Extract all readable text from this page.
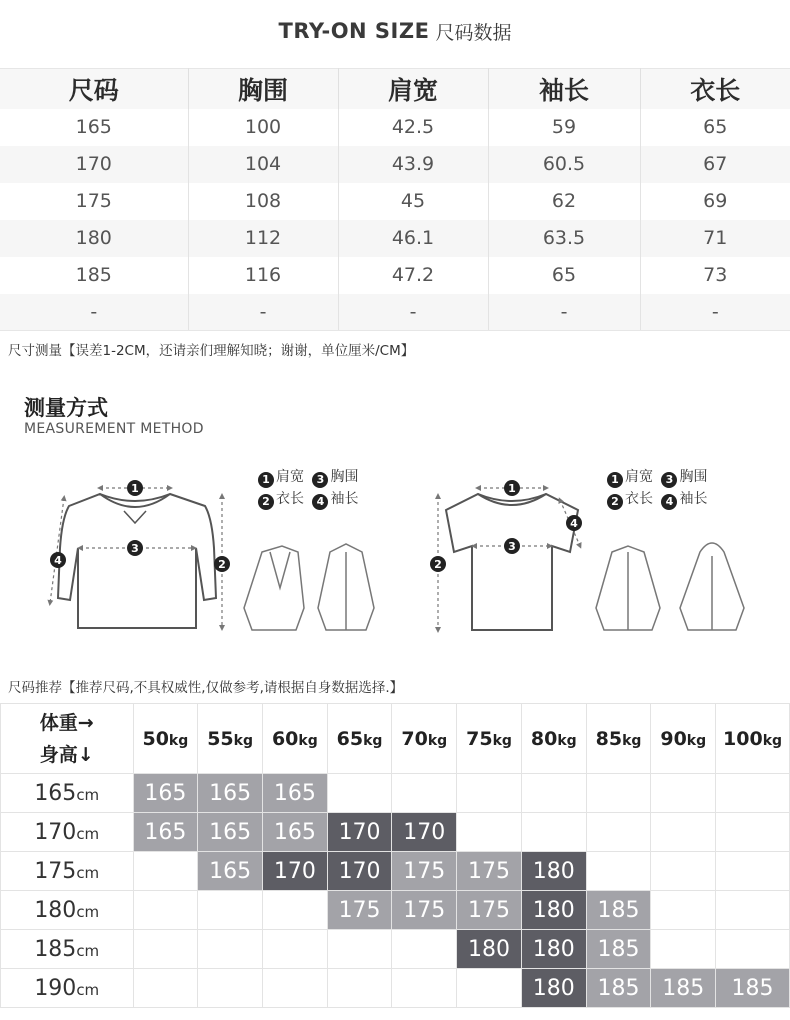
TRY-ON SIZE 尺码数据
尺码	胸围	肩宽	袖长	衣长
165	100	42.5	59	65
170	104	43.9	60.5	67
175	108	45	62	69
180	112	46.1	63.5	71
185	116	47.2	65	73
-	-	-	-	-
尺寸测量【误差1-2CM，还请亲们理解知晓；谢谢，单位厘米/CM】
测量方式
MEASUREMENT METHOD
1
3
2
4
1
3
2
4
1 肩宽 3 胸围
2 衣长 4 袖长
1 肩宽 3 胸围
2 衣长 4 袖长
尺码推荐【推荐尺码,不具权威性,仅做参考,请根据自身数据选择.】
体重→
身高↓	50kg	55kg	60kg	65kg	70kg	75kg	80kg	85kg	90kg	100kg
165cm	165	165	165							
170cm	165	165	165	170	170					
175cm		165	170	170	175	175	180			
180cm				175	175	175	180	185		
185cm						180	180	185		
190cm							180	185	185	185
